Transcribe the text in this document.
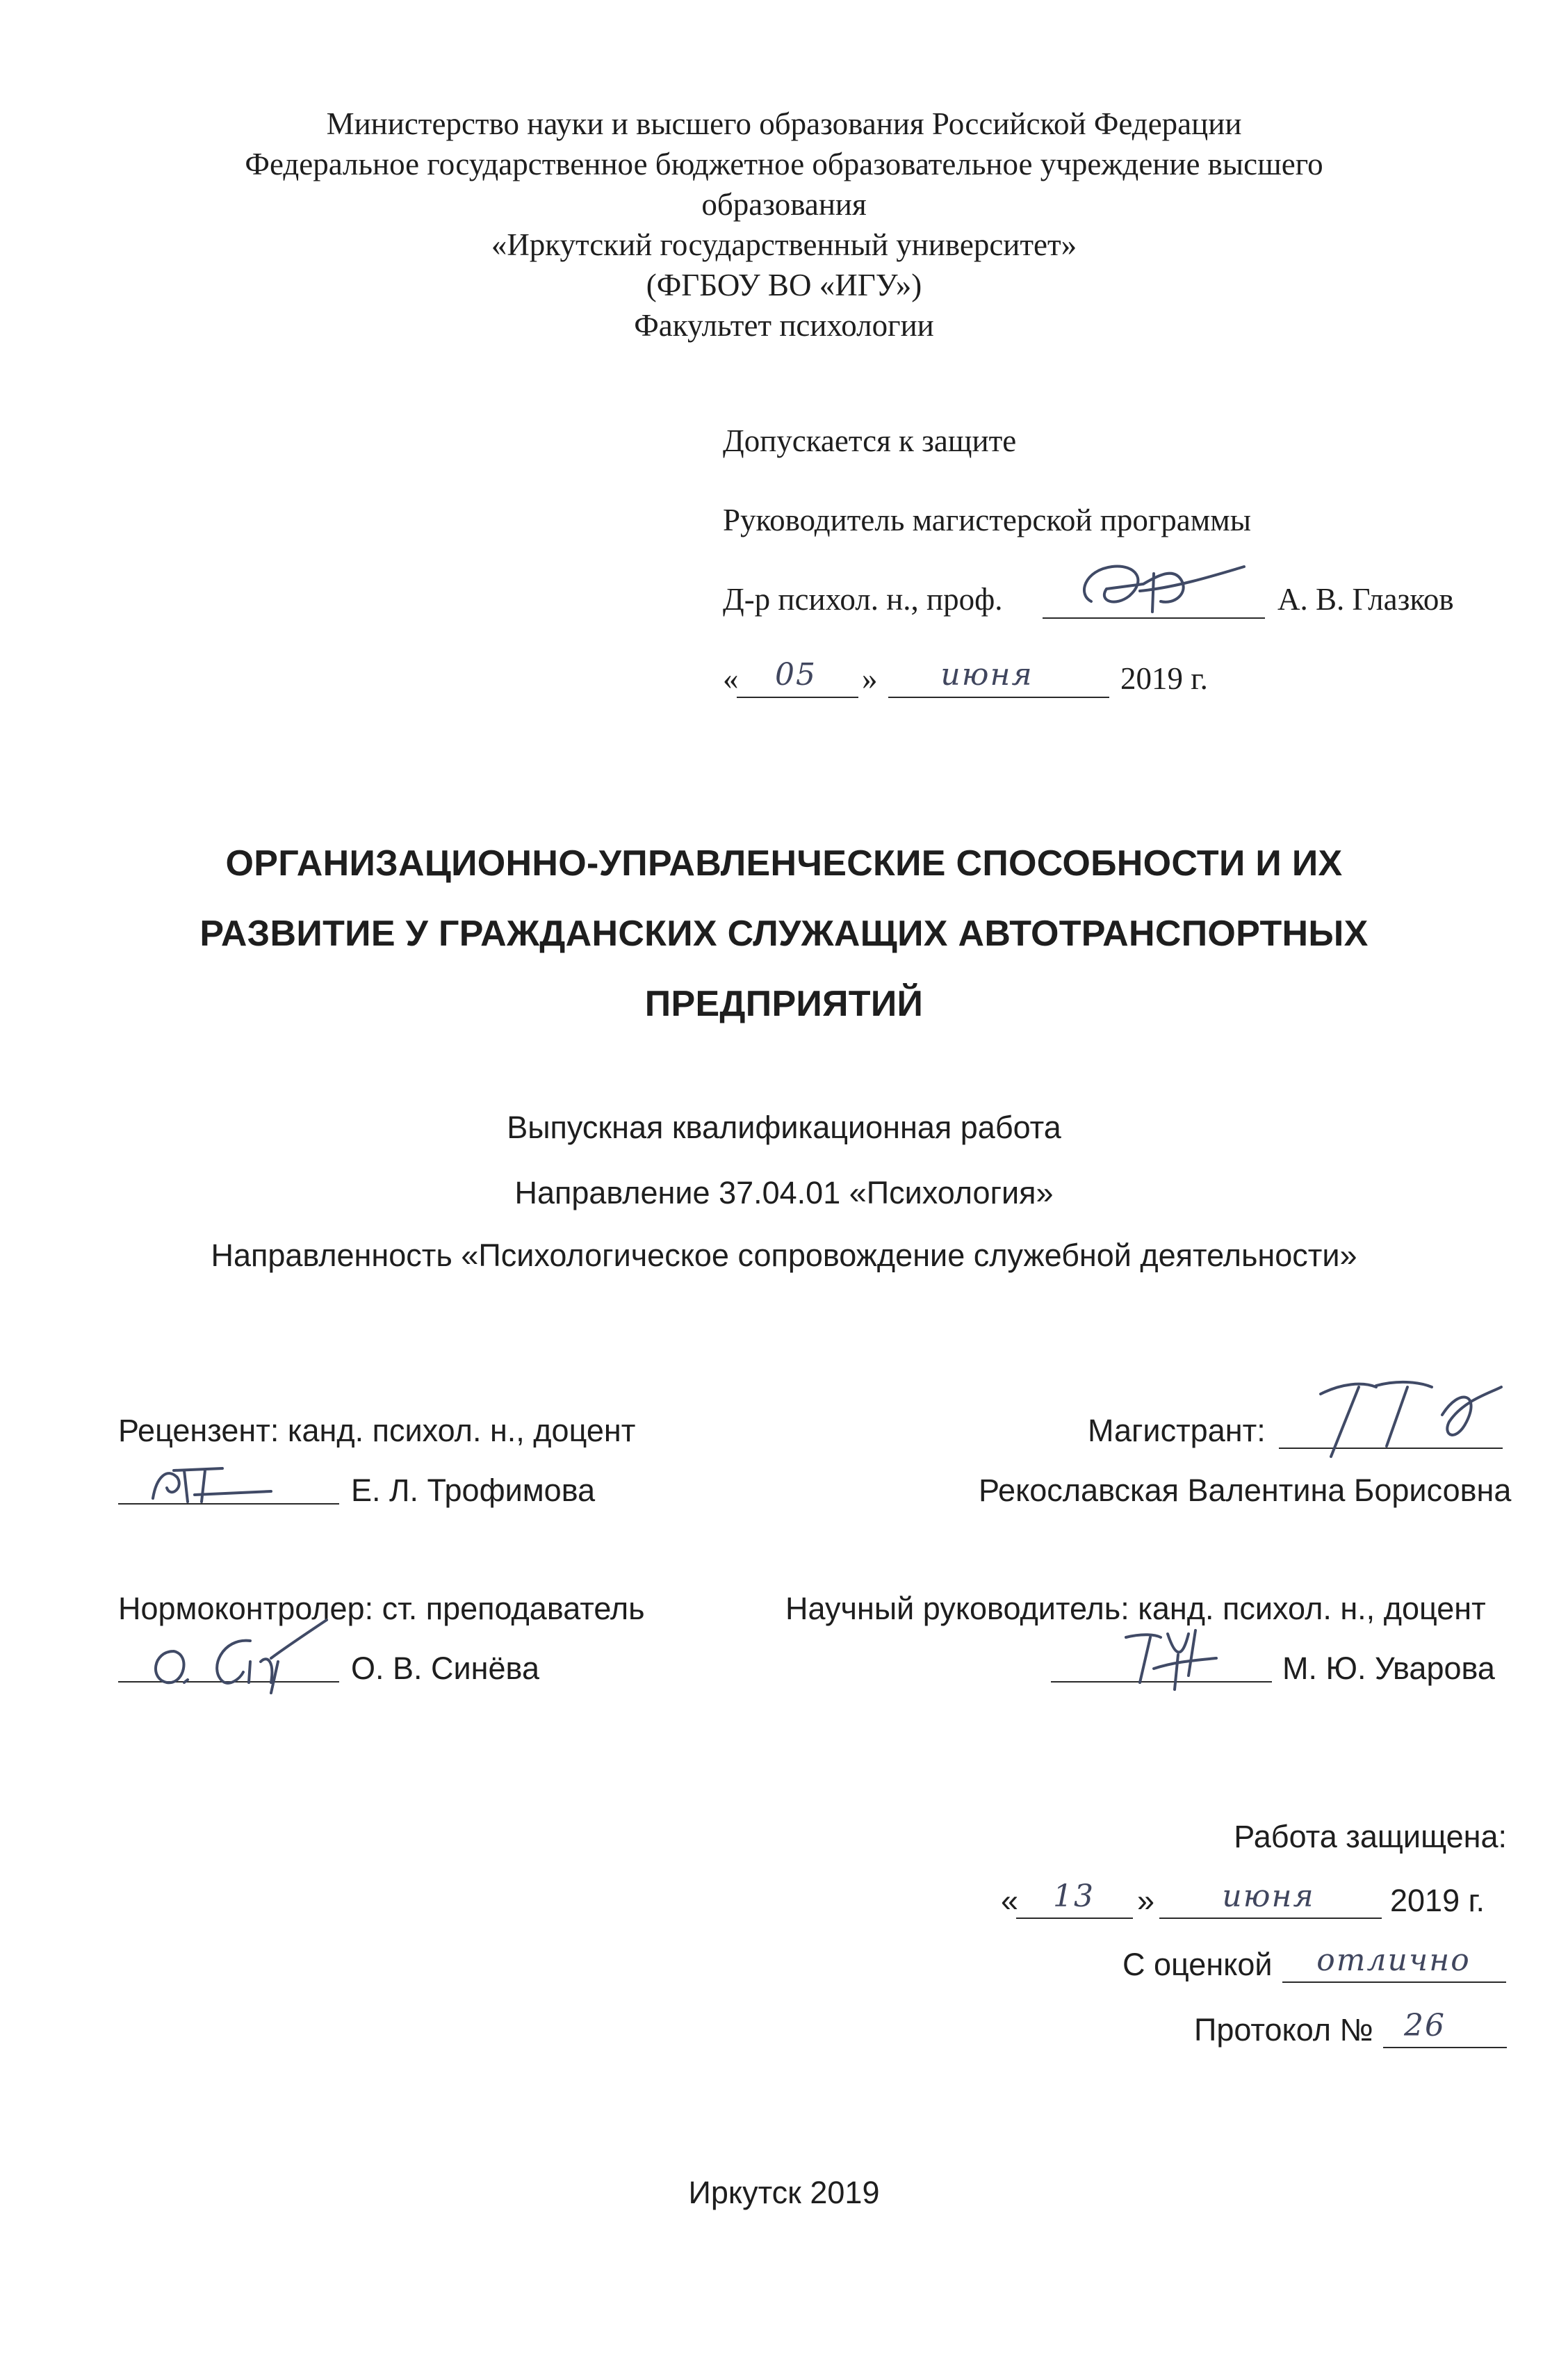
Министерство науки и высшего образования Российской Федерации
Федеральное государственное бюджетное образовательное учреждение высшего
образования
«Иркутский государственный университет»
(ФГБОУ ВО «ИГУ»)
Факультет психологии
Допускается к защите
Руководитель магистерской программы
Д-р психол. н., проф.	А. В. Глазков
«	05	»	июня	2019 г.
ОРГАНИЗАЦИОННО-УПРАВЛЕНЧЕСКИЕ СПОСОБНОСТИ И ИХ
РАЗВИТИЕ У ГРАЖДАНСКИХ СЛУЖАЩИХ АВТОТРАНСПОРТНЫХ
ПРЕДПРИЯТИЙ
Выпускная квалификационная работа
Направление 37.04.01 «Психология»
Направленность «Психологическое сопровождение служебной деятельности»
Рецензент: канд. психол. н., доцент
Е. Л. Трофимова
Магистрант:
Рекославская Валентина Борисовна
Нормоконтролер: ст. преподаватель
О. В. Синёва
Научный руководитель: канд. психол. н., доцент
М. Ю. Уварова
Работа защищена:
«	13	»	июня	2019 г.
С оценкой	отлично
Протокол №	26
Иркутск 2019
